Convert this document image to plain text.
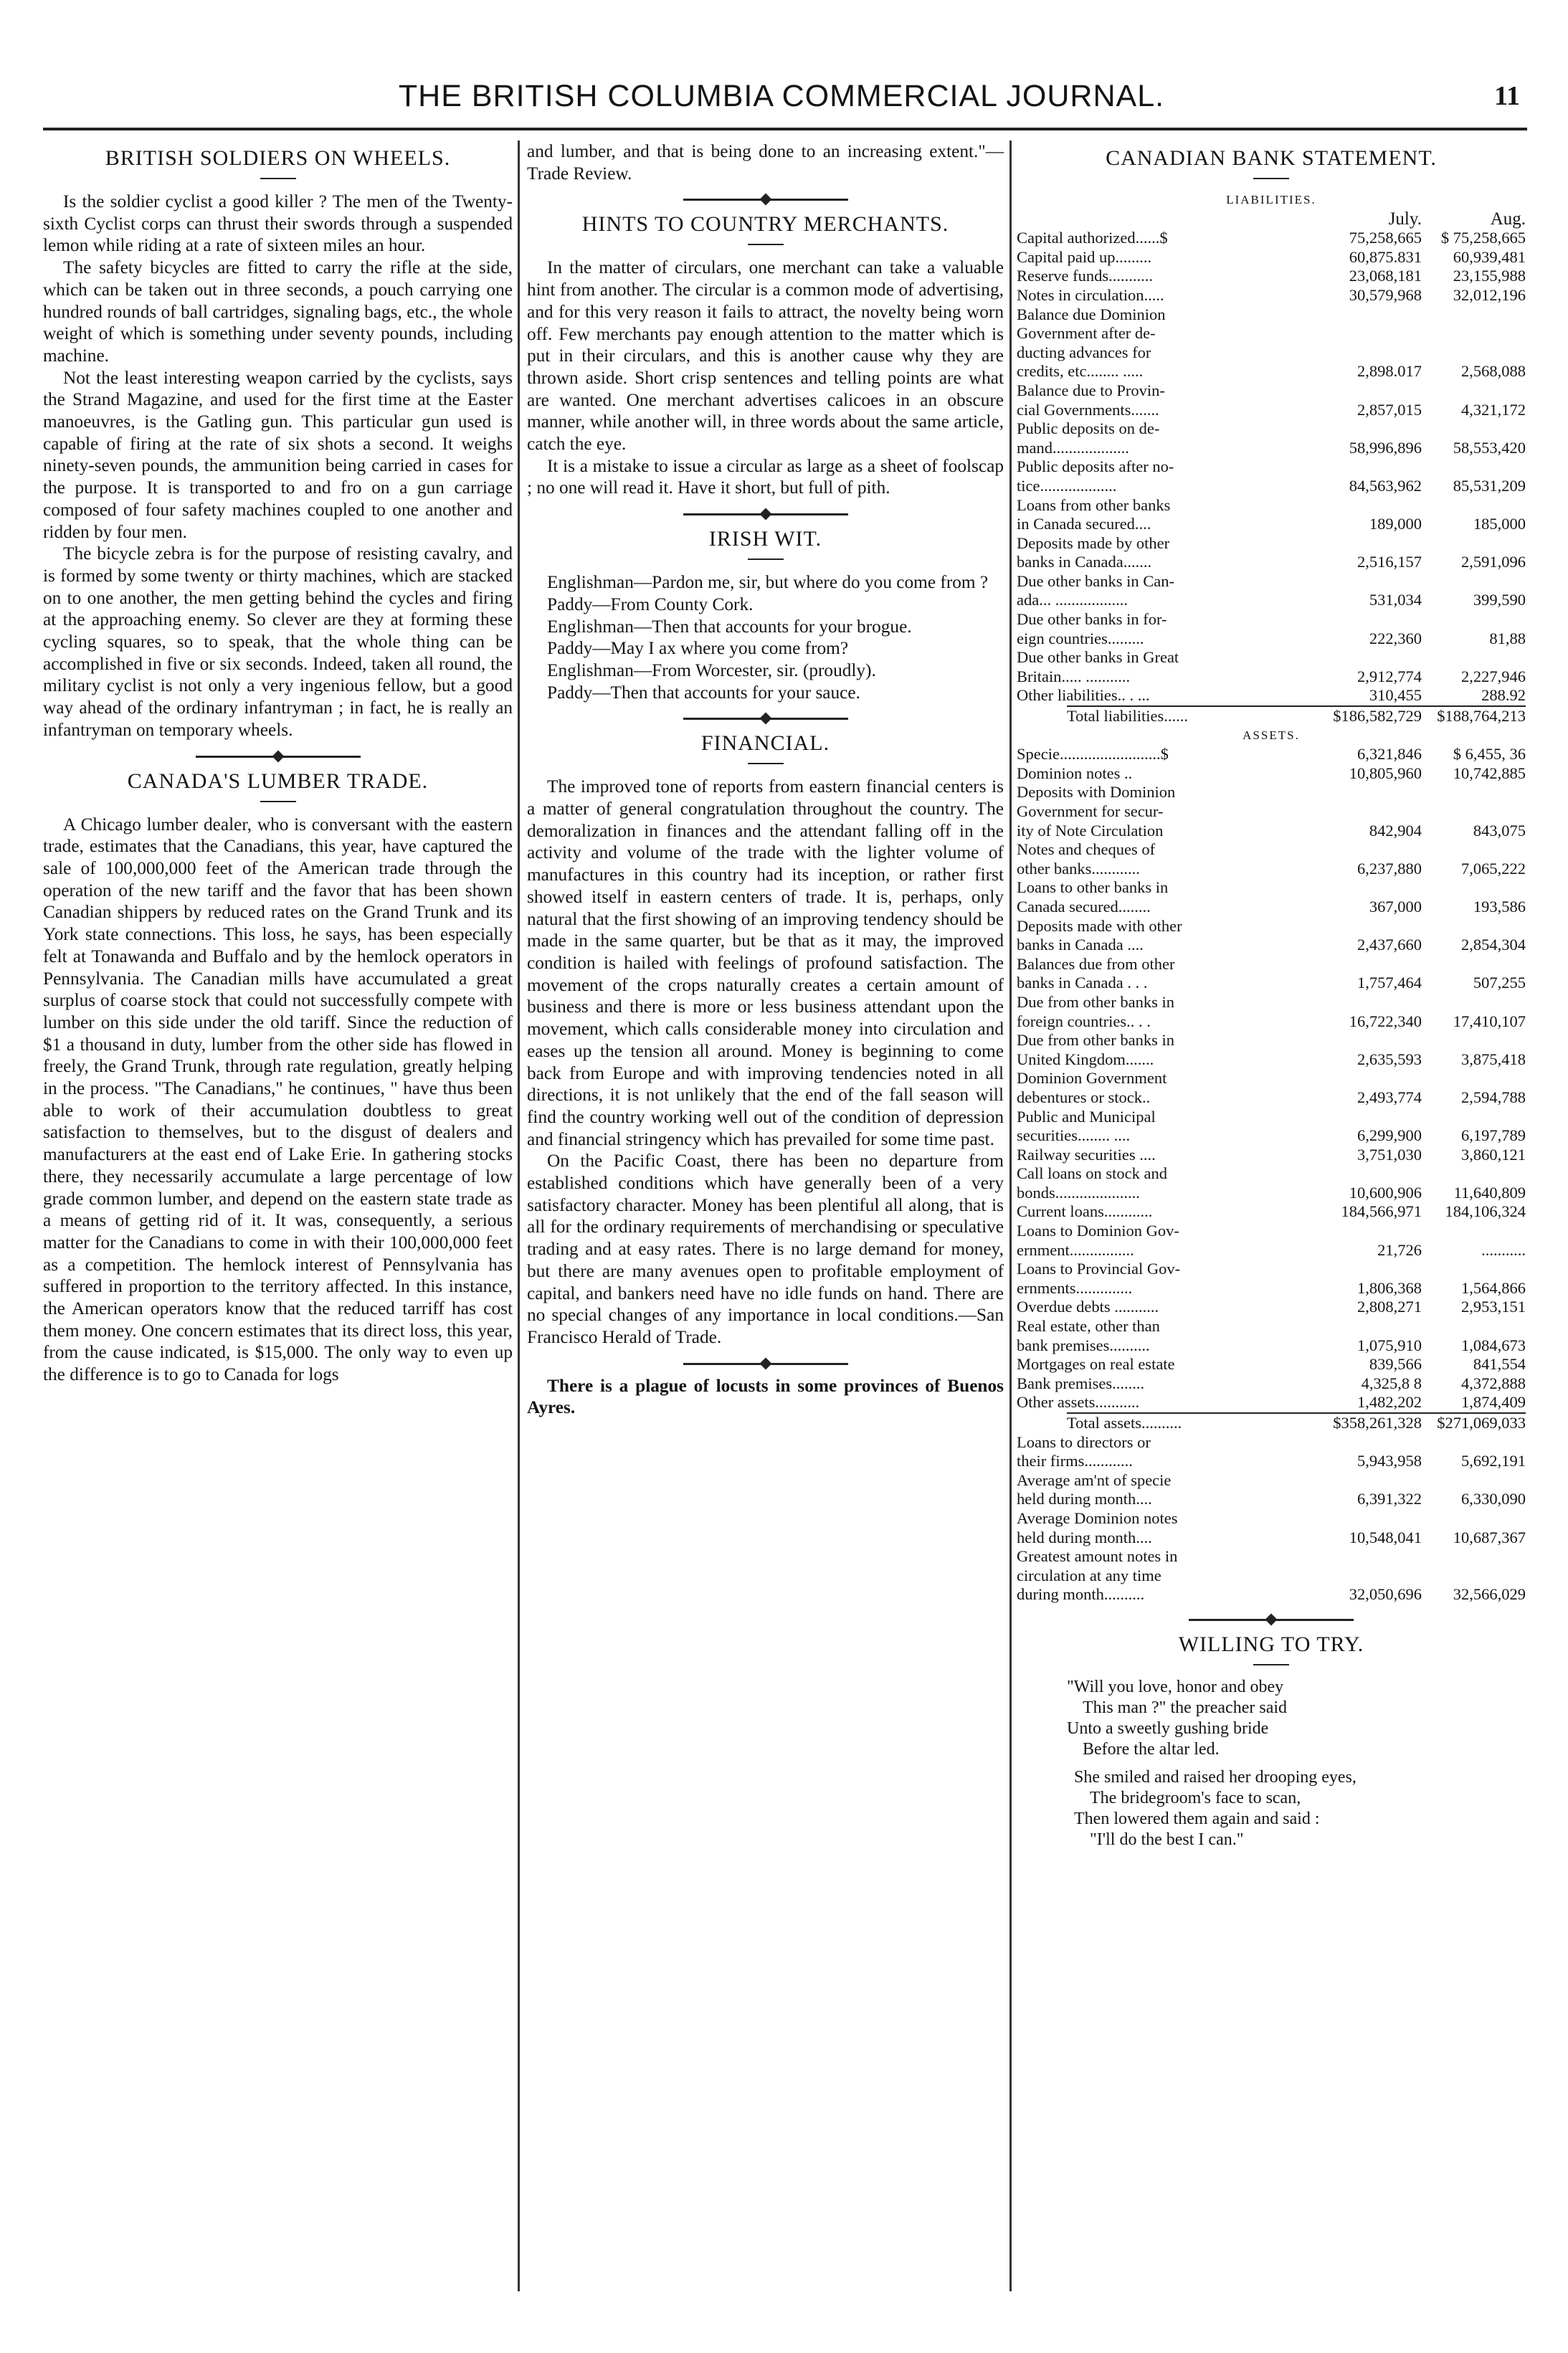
THE BRITISH COLUMBIA COMMERCIAL JOURNAL.	11
BRITISH SOLDIERS ON WHEELS.

Is the soldier cyclist a good killer ? The men of the Twenty-sixth Cyclist corps can thrust their swords through a suspended lemon while riding at a rate of sixteen miles an hour.

The safety bicycles are fitted to carry the rifle at the side, which can be taken out in three seconds, a pouch carrying one hundred rounds of ball cartridges, signaling bags, etc., the whole weight of which is something under seventy pounds, including machine.

Not the least interesting weapon carried by the cyclists, says the Strand Magazine, and used for the first time at the Easter manoeuvres, is the Gatling gun. This particular gun used is capable of firing at the rate of six shots a second. It weighs ninety-seven pounds, the ammunition being carried in cases for the purpose. It is transported to and fro on a gun carriage composed of four safety machines coupled to one another and ridden by four men.

The bicycle zebra is for the purpose of resisting cavalry, and is formed by some twenty or thirty machines, which are stacked on to one another, the men getting behind the cycles and firing at the approaching enemy. So clever are they at forming these cycling squares, so to speak, that the whole thing can be accomplished in five or six seconds. Indeed, taken all round, the military cyclist is not only a very ingenious fellow, but a good way ahead of the ordinary infantryman ; in fact, he is really an infantryman on temporary wheels.

CANADA'S LUMBER TRADE.

A Chicago lumber dealer, who is conversant with the eastern trade, estimates that the Canadians, this year, have captured the sale of 100,000,000 feet of the American trade through the operation of the new tariff and the favor that has been shown Canadian shippers by reduced rates on the Grand Trunk and its York state connections. This loss, he says, has been especially felt at Tonawanda and Buffalo and by the hemlock operators in Pennsylvania. The Canadian mills have accumulated a great surplus of coarse stock that could not successfully compete with lumber on this side under the old tariff. Since the reduction of $1 a thousand in duty, lumber from the other side has flowed in freely, the Grand Trunk, through rate regulation, greatly helping in the process. "The Canadians," he continues, " have thus been able to work of their accumulation doubtless to great satisfaction to themselves, but to the disgust of dealers and manufacturers at the east end of Lake Erie. In gathering stocks there, they necessarily accumulate a large percentage of low grade common lumber, and depend on the eastern state trade as a means of getting rid of it. It was, consequently, a serious matter for the Canadians to come in with their 100,000,000 feet as a competition. The hemlock interest of Pennsylvania has suffered in proportion to the territory affected. In this instance, the American operators know that the reduced tarriff has cost them money. One concern estimates that its direct loss, this year, from the cause indicated, is $15,000. The only way to even up the difference is to go to Canada for logs

and lumber, and that is being done to an increasing extent."—Trade Review.

HINTS TO COUNTRY MERCHANTS.

In the matter of circulars, one merchant can take a valuable hint from another. The circular is a common mode of advertising, and for this very reason it fails to attract, the novelty being worn off. Few merchants pay enough attention to the matter which is put in their circulars, and this is another cause why they are thrown aside. Short crisp sentences and telling points are what are wanted. One merchant advertises calicoes in an obscure manner, while another will, in three words about the same article, catch the eye.

It is a mistake to issue a circular as large as a sheet of foolscap ; no one will read it. Have it short, but full of pith.

IRISH WIT.

Englishman—Pardon me, sir, but where do you come from ?

Paddy—From County Cork.

Englishman—Then that accounts for your brogue.

Paddy—May I ax where you come from?

Englishman—From Worcester, sir. (proudly).

Paddy—Then that accounts for your sauce.

FINANCIAL.

The improved tone of reports from eastern financial centers is a matter of general congratulation throughout the country. The demoralization in finances and the attendant falling off in the activity and volume of the trade with the lighter volume of manufactures in this country had its inception, or rather first showed itself in eastern centers of trade. It is, perhaps, only natural that the first showing of an improving tendency should be made in the same quarter, but be that as it may, the improved condition is hailed with feelings of profound satisfaction. The movement of the crops naturally creates a certain amount of business and there is more or less business attendant upon the movement, which calls considerable money into circulation and eases up the tension all around. Money is beginning to come back from Europe and with improving tendencies noted in all directions, it is not unlikely that the end of the fall season will find the country working well out of the condition of depression and financial stringency which has prevailed for some time past.

On the Pacific Coast, there has been no departure from established conditions which have generally been of a very satisfactory character. Money has been plentiful all along, that is all for the ordinary requirements of merchandising or speculative trading and at easy rates. There is no large demand for money, but there are many avenues open to profitable employment of capital, and bankers need have no idle funds on hand. There are no special changes of any importance in local conditions.—San Francisco Herald of Trade.

There is a plague of locusts in some provinces of Buenos Ayres.

CANADIAN BANK STATEMENT.
LIABILITIES.
July.	Aug.
Capital authorized......$	75,258,665	$ 75,258,665
Capital paid up.........	60,875.831	60,939,481
Reserve funds...........	23,068,181	23,155,988
Notes in circulation.....	30,579,968	32,012,196
Balance due Dominion
Government after de-
ducting advances for
credits, etc........ .....	2,898.017	2,568,088
Balance due to Provin-
cial Governments.......	2,857,015	4,321,172
Public deposits on de-
mand...................	58,996,896	58,553,420
Public deposits after no-
tice...................	84,563,962	85,531,209
Loans from other banks
in Canada secured....	189,000	185,000
Deposits made by other
banks in Canada.......	2,516,157	2,591,096
Due other banks in Can-
ada... ..................	531,034	399,590
Due other banks in for-
eign countries.........	222,360	81,88
Due other banks in Great
Britain..... ...........	2,912,774	2,227,946
Other liabilities.. . ...	310,455	288.92
Total liabilities......	$186,582,729 $188,764,213
ASSETS.
Specie.........................$	6,321,846	$ 6,455, 36
Dominion notes ..	10,805,960	10,742,885
Deposits with Dominion
Government for secur-
ity of Note Circulation	842,904	843,075
Notes and cheques of
other banks............	6,237,880	7,065,222
Loans to other banks in
Canada secured........	367,000	193,586
Deposits made with other
banks in Canada ....	2,437,660	2,854,304
Balances due from other
banks in Canada . . .	1,757,464	507,255
Due from other banks in
foreign countries.. . .	16,722,340	17,410,107
Due from other banks in
United Kingdom.......	2,635,593	3,875,418
Dominion Government
debentures or stock..	2,493,774	2,594,788
Public and Municipal
securities........ ....	6,299,900	6,197,789
Railway securities ....	3,751,030	3,860,121
Call loans on stock and
bonds.....................	10,600,906	11,640,809
Current loans............	184,566,971	184,106,324
Loans to Dominion Gov-
ernment................	21,726	...........
Loans to Provincial Gov-
ernments..............	1,806,368	1,564,866
Overdue debts ...........	2,808,271	2,953,151
Real estate, other than
bank premises..........	1,075,910	1,084,673
Mortgages on real estate	839,566	841,554
Bank premises........	4,325,8 8	4,372,888
Other assets...........	1,482,202	1,874,409
Total assets..........	$358,261,328 $271,069,033
Loans to directors or
their firms............	5,943,958	5,692,191
Average am'nt of specie
held during month....	6,391,322	6,330,090
Average Dominion notes
held during month....	10,548,041	10,687,367
Greatest amount notes in
circulation at any time
during month..........	32,050,696	32,566,029
WILLING TO TRY.
"Will you love, honor and obey
This man ?" the preacher said
Unto a sweetly gushing bride
Before the altar led.
She smiled and raised her drooping eyes,
The bridegroom's face to scan,
Then lowered them again and said :
"I'll do the best I can."
